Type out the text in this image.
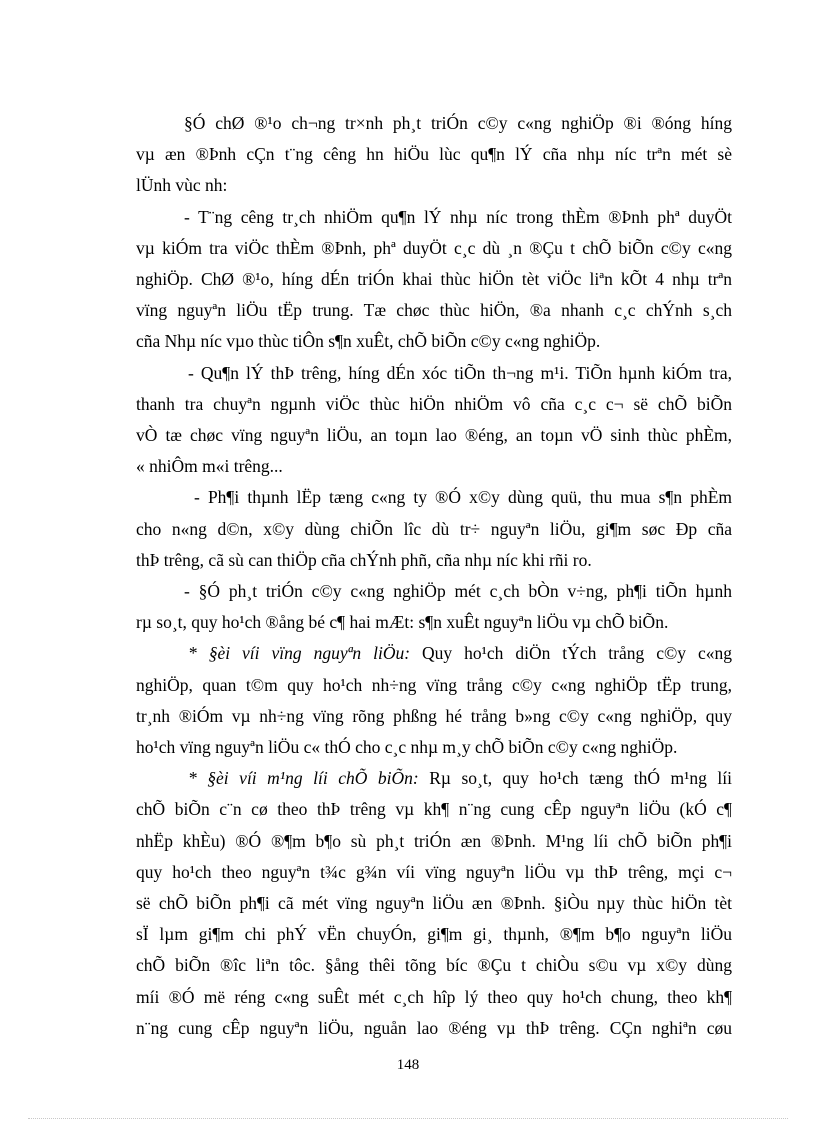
§Ó chØ ®¹o ch¬ng tr×nh ph¸t triÓn c©y c«ng nghiÖp ®i ®óng híng
vµ æn ®Þnh cÇn t¨ng cêng hn hiÖu lùc qu¶n lÝ cña nhµ níc trªn mét sè
lÜnh vùc nh:
- T¨ng cêng tr¸ch nhiÖm qu¶n lÝ nhµ níc trong thÈm ®Þnh phª duyÖt
vµ kiÓm tra viÖc thÈm ®Þnh, phª duyÖt c¸c dù ¸n ®Çu t chÕ biÕn c©y c«ng
nghiÖp. ChØ ®¹o, híng dÉn triÓn khai thùc hiÖn tèt viÖc liªn kÕt 4 nhµ trªn
vïng nguyªn liÖu tËp trung. Tæ chøc thùc hiÖn, ®a nhanh c¸c chÝnh s¸ch
cña Nhµ níc vµo thùc tiÔn s¶n xuÊt, chÕ biÕn c©y c«ng nghiÖp.
- Qu¶n lÝ thÞ trêng, híng dÉn xóc tiÕn th¬ng m¹i. TiÕn hµnh kiÓm tra,
thanh tra chuyªn ngµnh viÖc thùc hiÖn nhiÖm vô cña c¸c c¬ së chÕ biÕn
vÒ tæ chøc vïng nguyªn liÖu, an toµn lao ®éng, an toµn vÖ sinh thùc phÈm,
« nhiÔm m«i trêng...
- Ph¶i thµnh lËp tæng c«ng ty ®Ó x©y dùng quü, thu mua s¶n phÈm
cho n«ng d©n, x©y dùng chiÕn lîc dù tr÷ nguyªn liÖu, gi¶m søc Ðp cña
thÞ trêng, cã sù can thiÖp cña chÝnh phñ, cña nhµ níc khi rñi ro.
- §Ó ph¸t triÓn c©y c«ng nghiÖp mét c¸ch bÒn v÷ng, ph¶i tiÕn hµnh
rµ so¸t, quy ho¹ch ®ång bé c¶ hai mÆt: s¶n xuÊt nguyªn liÖu vµ chÕ biÕn.
* §èi víi vïng nguyªn liÖu: Quy ho¹ch diÖn tÝch trång c©y c«ng
nghiÖp, quan t©m quy ho¹ch nh÷ng vïng trång c©y c«ng nghiÖp tËp trung,
tr¸nh ®iÓm vµ nh÷ng vïng rõng phßng hé trång b»ng c©y c«ng nghiÖp, quy
ho¹ch vïng nguyªn liÖu c« thÓ cho c¸c nhµ m¸y chÕ biÕn c©y c«ng nghiÖp.
* §èi víi m¹ng líi chÕ biÕn: Rµ so¸t, quy ho¹ch tæng thÓ m¹ng líi
chÕ biÕn c¨n cø theo thÞ trêng vµ kh¶ n¨ng cung cÊp nguyªn liÖu (kÓ c¶
nhËp khÈu) ®Ó ®¶m b¶o sù ph¸t triÓn æn ®Þnh. M¹ng líi chÕ biÕn ph¶i
quy ho¹ch theo nguyªn t¾c g¾n víi vïng nguyªn liÖu vµ thÞ trêng, mçi c¬
së chÕ biÕn ph¶i cã mét vïng nguyªn liÖu æn ®Þnh. §iÒu nµy thùc hiÖn tèt
sÏ lµm gi¶m chi phÝ vËn chuyÓn, gi¶m gi¸ thµnh, ®¶m b¶o nguyªn liÖu
chÕ biÕn ®îc liªn tôc. §ång thêi tõng bíc ®Çu t chiÒu s©u vµ x©y dùng
míi ®Ó më réng c«ng suÊt mét c¸ch hîp lý theo quy ho¹ch chung, theo kh¶
n¨ng cung cÊp nguyªn liÖu, nguån lao ®éng vµ thÞ trêng. CÇn nghiªn cøu
148
